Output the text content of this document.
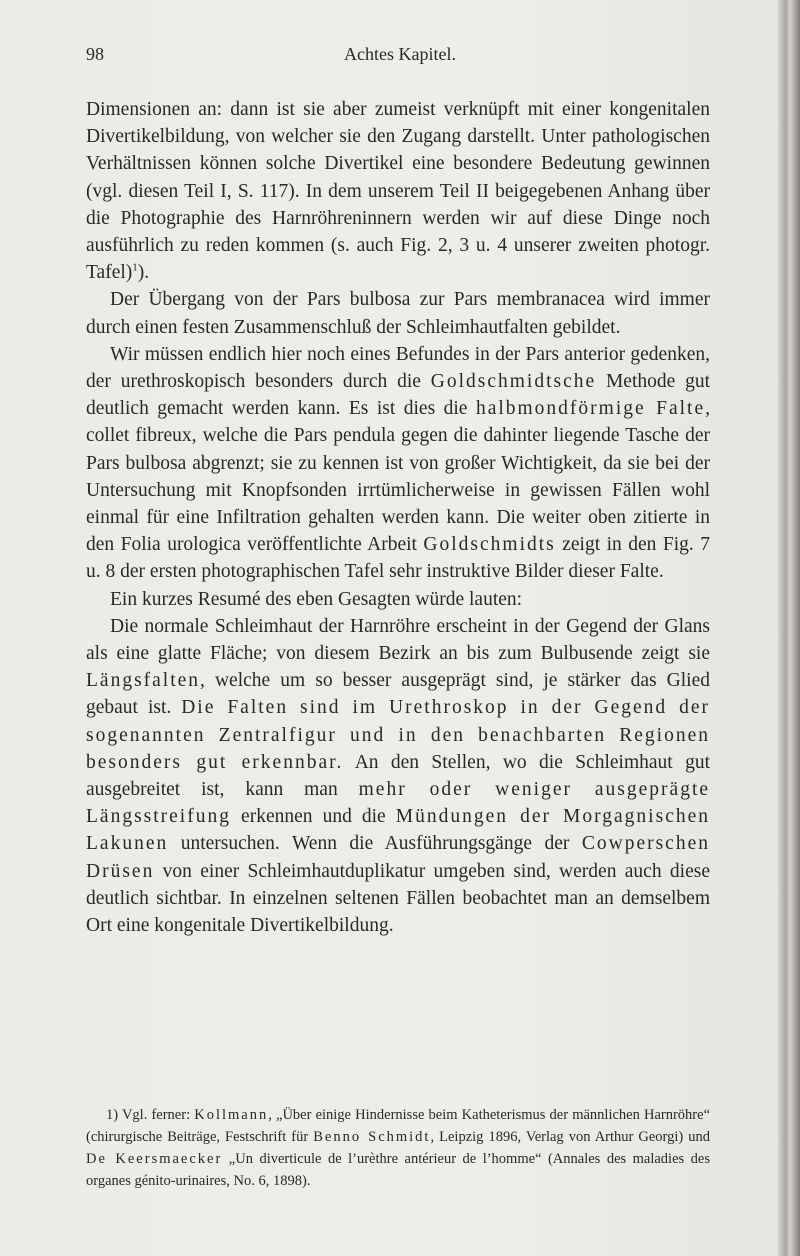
98	Achtes Kapitel.

Dimensionen an: dann ist sie aber zumeist verknüpft mit einer kongenitalen Divertikelbildung, von welcher sie den Zugang darstellt. Unter pathologischen Verhältnissen können solche Divertikel eine besondere Bedeutung gewinnen (vgl. diesen Teil I, S. 117). In dem unserem Teil II beigegebenen Anhang über die Photographie des Harnröhreninnern werden wir auf diese Dinge noch ausführlich zu reden kommen (s. auch Fig. 2, 3 u. 4 unserer zweiten photogr. Tafel)$^1$).

Der Übergang von der Pars bulbosa zur Pars membranacea wird immer durch einen festen Zusammenschluß der Schleimhautfalten gebildet.

Wir müssen endlich hier noch eines Befundes in der Pars anterior gedenken, der urethroskopisch besonders durch die Goldschmidtsche Methode gut deutlich gemacht werden kann. Es ist dies die halbmondförmige Falte, collet fibreux, welche die Pars pendula gegen die dahinter liegende Tasche der Pars bulbosa abgrenzt; sie zu kennen ist von großer Wichtigkeit, da sie bei der Untersuchung mit Knopfsonden irrtümlicherweise in gewissen Fällen wohl einmal für eine Infiltration gehalten werden kann. Die weiter oben zitierte in den Folia urologica veröffentlichte Arbeit Goldschmidts zeigt in den Fig. 7 u. 8 der ersten photographischen Tafel sehr instruktive Bilder dieser Falte.

Ein kurzes Resumé des eben Gesagten würde lauten:

Die normale Schleimhaut der Harnröhre erscheint in der Gegend der Glans als eine glatte Fläche; von diesem Bezirk an bis zum Bulbusende zeigt sie Längsfalten, welche um so besser ausgeprägt sind, je stärker das Glied gebaut ist. Die Falten sind im Urethroskop in der Gegend der sogenannten Zentralfigur und in den benachbarten Regionen besonders gut erkennbar. An den Stellen, wo die Schleimhaut gut ausgebreitet ist, kann man mehr oder weniger ausgeprägte Längsstreifung erkennen und die Mündungen der Morgagnischen Lakunen untersuchen. Wenn die Ausführungsgänge der Cowperschen Drüsen von einer Schleimhautduplikatur umgeben sind, werden auch diese deutlich sichtbar. In einzelnen seltenen Fällen beobachtet man an demselbem Ort eine kongenitale Divertikelbildung.

1) Vgl. ferner: Kollmann, „Über einige Hindernisse beim Katheterismus der männlichen Harnröhre“ (chirurgische Beiträge, Festschrift für Benno Schmidt, Leipzig 1896, Verlag von Arthur Georgi) und De Keersmaecker „Un diverticule de l’urèthre antérieur de l’homme“ (Annales des maladies des organes génito-urinaires, No. 6, 1898).
